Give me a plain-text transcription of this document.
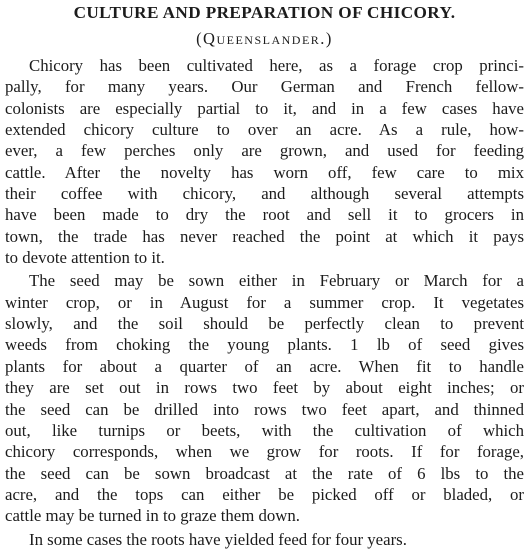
CULTURE AND PREPARATION OF CHICORY.
(Queenslander.)

Chicory has been cultivated here, as a forage crop princi-
pally, for many years. Our German and French fellow-
colonists are especially partial to it, and in a few cases have
extended chicory culture to over an acre. As a rule, how-
ever, a few perches only are grown, and used for feeding
cattle. After the novelty has worn off, few care to mix
their coffee with chicory, and although several attempts
have been made to dry the root and sell it to grocers in
town, the trade has never reached the point at which it pays
to devote attention to it.

The seed may be sown either in February or March for a
winter crop, or in August for a summer crop. It vegetates
slowly, and the soil should be perfectly clean to prevent
weeds from choking the young plants. 1 lb of seed gives
plants for about a quarter of an acre. When fit to handle
they are set out in rows two feet by about eight inches; or
the seed can be drilled into rows two feet apart, and thinned
out, like turnips or beets, with the cultivation of which
chicory corresponds, when we grow for roots. If for forage,
the seed can be sown broadcast at the rate of 6 lbs to the
acre, and the tops can either be picked off or bladed, or
cattle may be turned in to graze them down.

In some cases the roots have yielded feed for four years.
